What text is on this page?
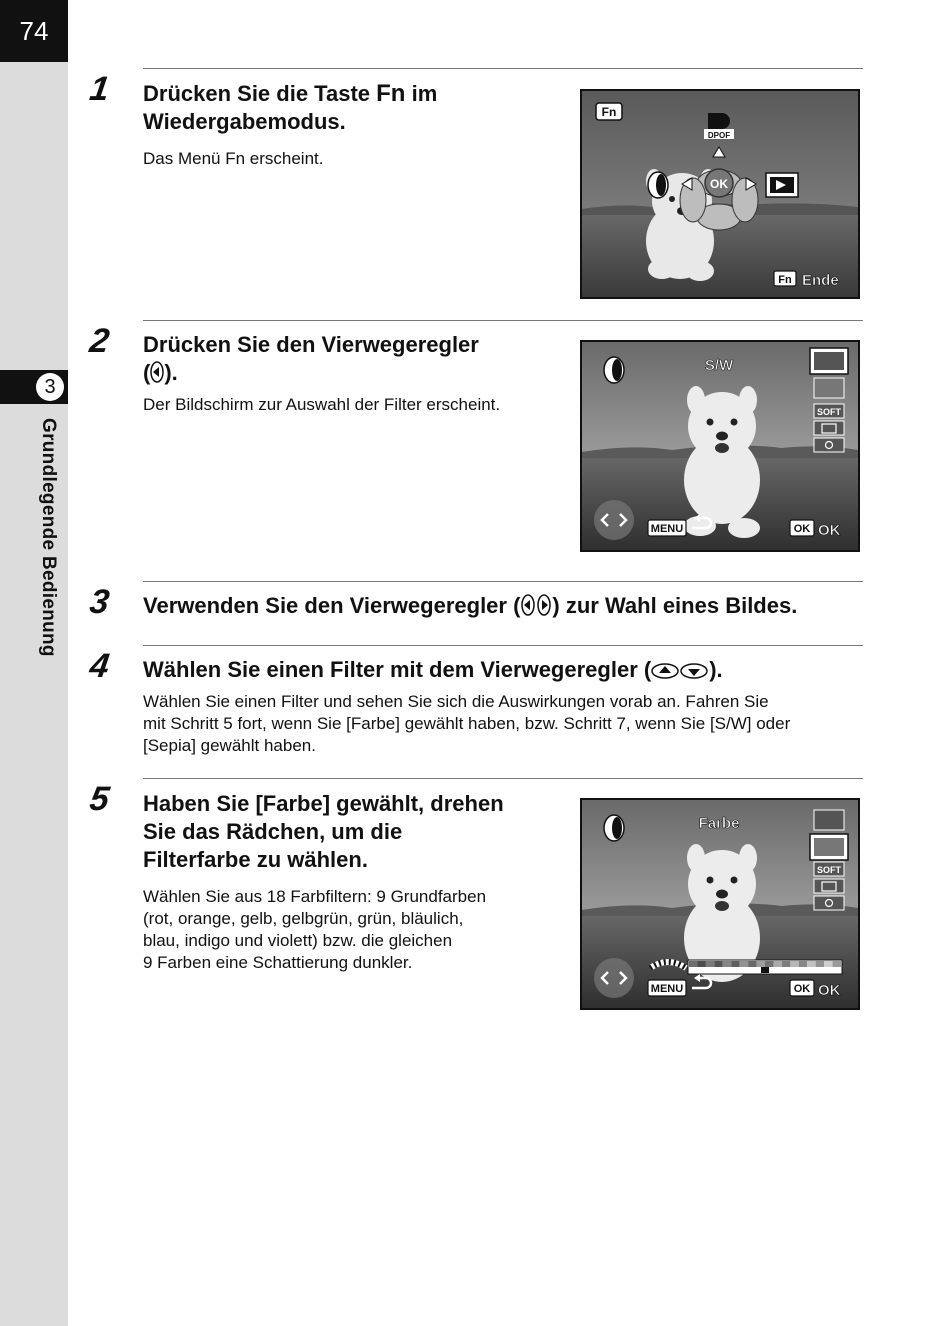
74
3
Grundlegende Bedienung
1 Drücken Sie die Taste Fn im
Wiedergabemodus.

Das Menü Fn erscheint.

Fn
OK
DPOF
Fn Ende
2 Drücken Sie den Vierwegeregler
( ).

Der Bildschirm zur Auswahl der Filter erscheint.

S/W
SOFT
MENU	OK OK
3 Verwenden Sie den Vierwegeregler ( ) zur Wahl eines Bildes.

4 Wählen Sie einen Filter mit dem Vierwegeregler (	).

Wählen Sie einen Filter und sehen Sie sich die Auswirkungen vorab an. Fahren Sie
mit Schritt 5 fort, wenn Sie [Farbe] gewählt haben, bzw. Schritt 7, wenn Sie [S/W] oder
[Sepia] gewählt haben.

5 Haben Sie [Farbe] gewählt, drehen
Sie das Rädchen, um die
Filterfarbe zu wählen.

Wählen Sie aus 18 Farbfiltern: 9 Grundfarben
(rot, orange, gelb, gelbgrün, grün, bläulich,
blau, indigo und violett) bzw. die gleichen
9 Farben eine Schattierung dunkler.

Farbe
SOFT
MENU	OK OK
